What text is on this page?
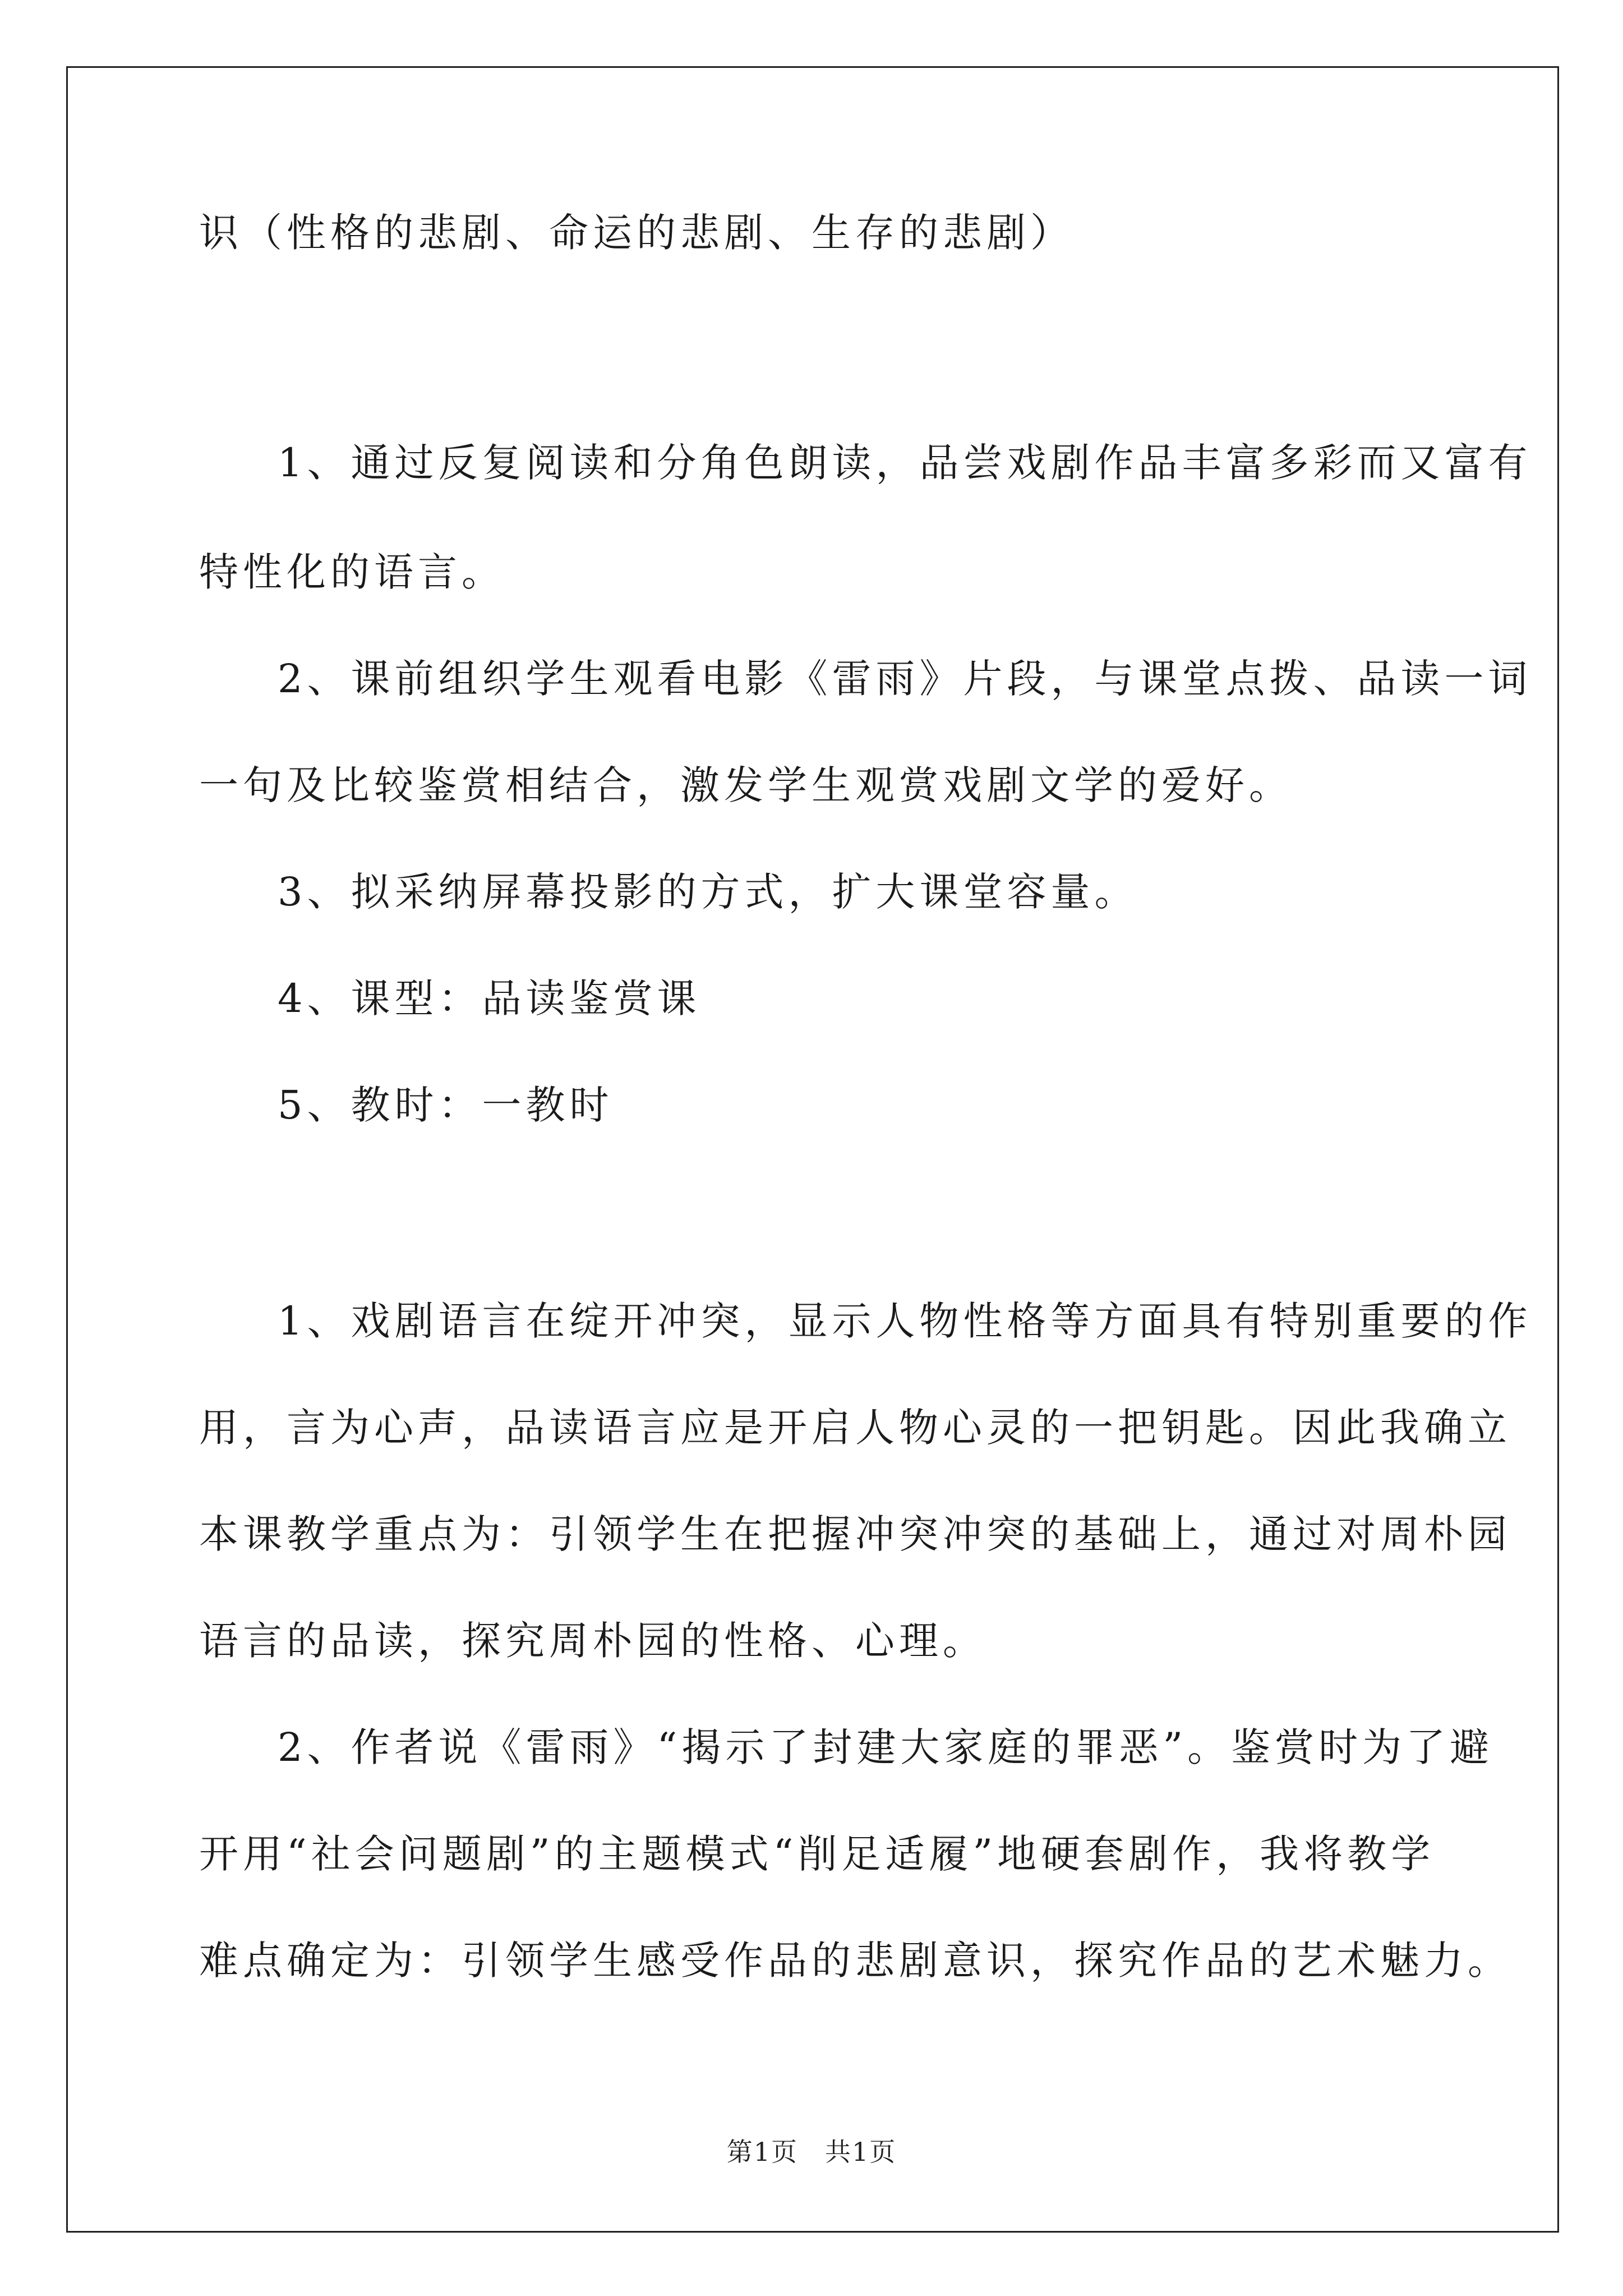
识（性格的悲剧、命运的悲剧、生存的悲剧）

1、通过反复阅读和分角色朗读，品尝戏剧作品丰富多彩而又富有

特性化的语言。

2、课前组织学生观看电影《雷雨》片段，与课堂点拨、品读一词

一句及比较鉴赏相结合，激发学生观赏戏剧文学的爱好。

3、拟采纳屏幕投影的方式，扩大课堂容量。

4、课型：品读鉴赏课

5、教时：一教时

1、戏剧语言在绽开冲突，显示人物性格等方面具有特别重要的作

用，言为心声，品读语言应是开启人物心灵的一把钥匙。因此我确立

本课教学重点为：引领学生在把握冲突冲突的基础上，通过对周朴园

语言的品读，探究周朴园的性格、心理。

2、作者说《雷雨》“揭示了封建大家庭的罪恶”。鉴赏时为了避

开用“社会问题剧”的主题模式“削足适履”地硬套剧作，我将教学

难点确定为：引领学生感受作品的悲剧意识，探究作品的艺术魅力。

第1页　共1页
